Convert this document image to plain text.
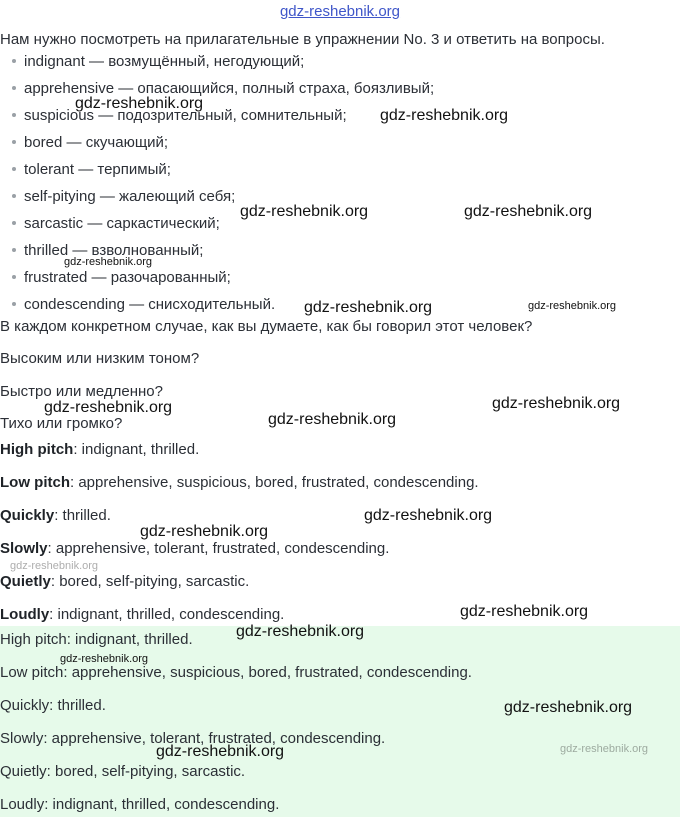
gdz-reshebnik.org
Нам нужно посмотреть на прилагательные в упражнении No. 3 и ответить на вопросы.
indignant — возмущённый, негодующий;
apprehensive — опасающийся, полный страха, боязливый;
suspicious — подозрительный, сомнительный;
bored — скучающий;
tolerant — терпимый;
self-pitying — жалеющий себя;
sarcastic — саркастический;
thrilled — взволнованный;
frustrated — разочарованный;
condescending — снисходительный.
В каждом конкретном случае, как вы думаете, как бы говорил этот человек?
Высоким или низким тоном?
Быстро или медленно?
Тихо или громко?
High pitch: indignant, thrilled.
Low pitch: apprehensive, suspicious, bored, frustrated, condescending.
Quickly: thrilled.
Slowly: apprehensive, tolerant, frustrated, condescending.
Quietly: bored, self-pitying, sarcastic.
Loudly: indignant, thrilled, condescending.
High pitch: indignant, thrilled.
Low pitch: apprehensive, suspicious, bored, frustrated, condescending.
Quickly: thrilled.
Slowly: apprehensive, tolerant, frustrated, condescending.
Quietly: bored, self-pitying, sarcastic.
Loudly: indignant, thrilled, condescending.
gdz-reshebnik.org
gdz-reshebnik.org
gdz-reshebnik.org	gdz-reshebnik.org
gdz-reshebnik.org
gdz-reshebnik.org	gdz-reshebnik.org
gdz-reshebnik.org	gdz-reshebnik.org
gdz-reshebnik.org
gdz-reshebnik.org
gdz-reshebnik.org
gdz-reshebnik.org
gdz-reshebnik.org
gdz-reshebnik.org
gdz-reshebnik.org
gdz-reshebnik.org
gdz-reshebnik.org
gdz-reshebnik.org
